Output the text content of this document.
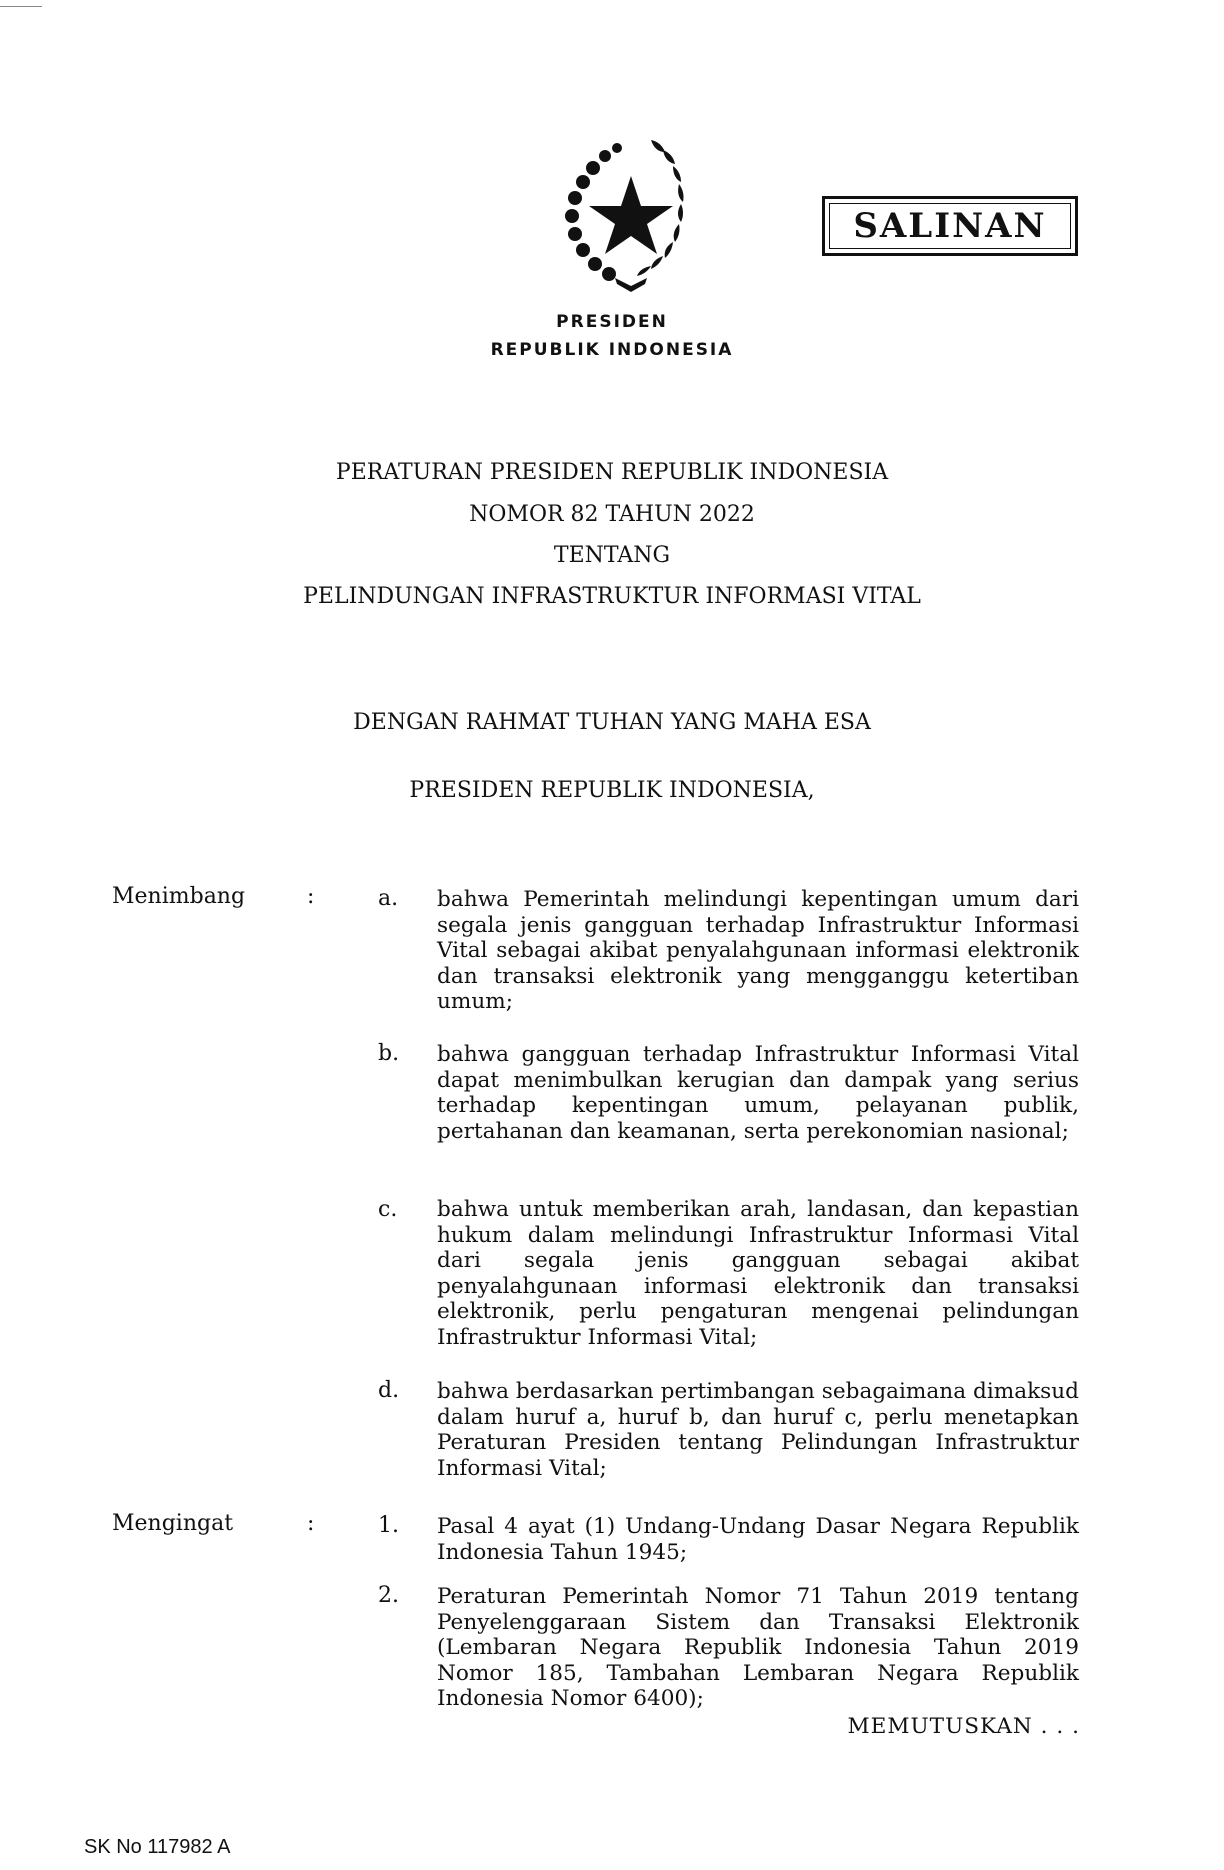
PRESIDEN
REPUBLIK INDONESIA
SALINAN
PERATURAN PRESIDEN REPUBLIK INDONESIA
NOMOR 82 TAHUN 2022
TENTANG
PELINDUNGAN INFRASTRUKTUR INFORMASI VITAL
DENGAN RAHMAT TUHAN YANG MAHA ESA
PRESIDEN REPUBLIK INDONESIA,
Menimbang	:	a. bahwa Pemerintah melindungi kepentingan umum dari segala jenis gangguan terhadap Infrastruktur Informasi Vital sebagai akibat penyalahgunaan informasi elektronik dan transaksi elektronik yang mengganggu ketertiban umum;

b. bahwa gangguan terhadap Infrastruktur Informasi Vital dapat menimbulkan kerugian dan dampak yang serius terhadap kepentingan umum, pelayanan publik, pertahanan dan keamanan, serta perekonomian nasional;

c. bahwa untuk memberikan arah, landasan, dan kepastian hukum dalam melindungi Infrastruktur Informasi Vital dari segala jenis gangguan sebagai akibat penyalahgunaan informasi elektronik dan transaksi elektronik, perlu pengaturan mengenai pelindungan Infrastruktur Informasi Vital;

d. bahwa berdasarkan pertimbangan sebagaimana dimaksud dalam huruf a, huruf b, dan huruf c, perlu menetapkan Peraturan Presiden tentang Pelindungan Infrastruktur Informasi Vital;

Mengingat	:	1. Pasal 4 ayat (1) Undang-Undang Dasar Negara Republik Indonesia Tahun 1945;

2. Peraturan Pemerintah Nomor 71 Tahun 2019 tentang Penyelenggaraan Sistem dan Transaksi Elektronik (Lembaran Negara Republik Indonesia Tahun 2019 Nomor 185, Tambahan Lembaran Negara Republik Indonesia Nomor 6400);

MEMUTUSKAN . . .
SK No 117982 A
